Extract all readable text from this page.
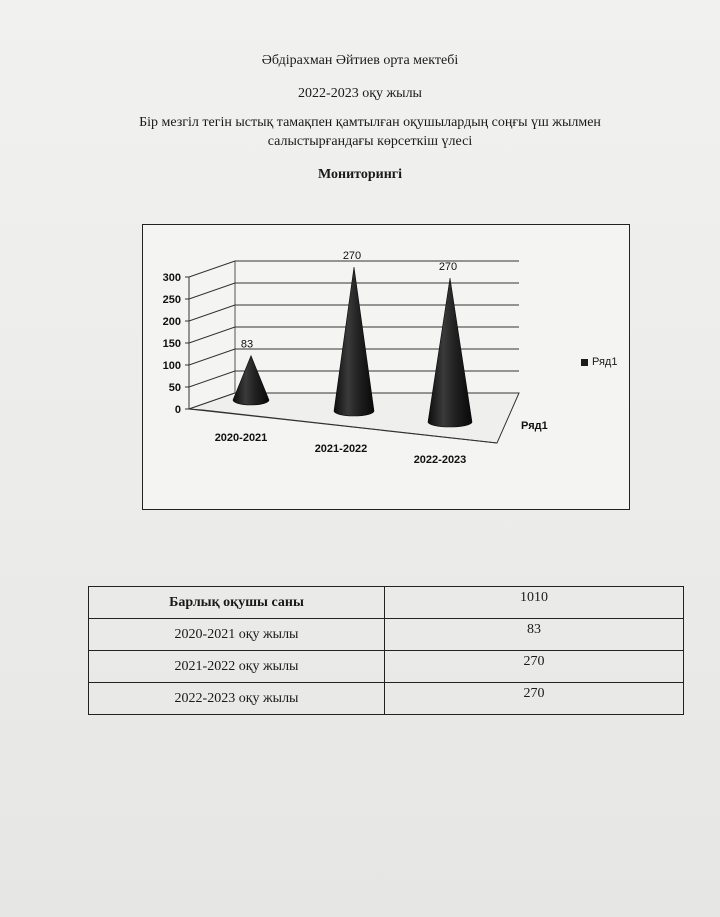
Әбдірахман Әйтиев орта мектебі
2022-2023 оқу жылы
Бір мезгіл тегін ыстық тамақпен қамтылған оқушылардың соңғы үш жылмен салыстырғандағы көрсеткіш үлесі
Мониторингі
0
50
100
150
200
250
300
83
270
270
2020-2021
2021-2022
2022-2023
Ряд1
Ряд1
Барлық оқушы саны	1010
2020-2021 оқу жылы	83
2021-2022 оқу жылы	270
2022-2023 оқу жылы	270
